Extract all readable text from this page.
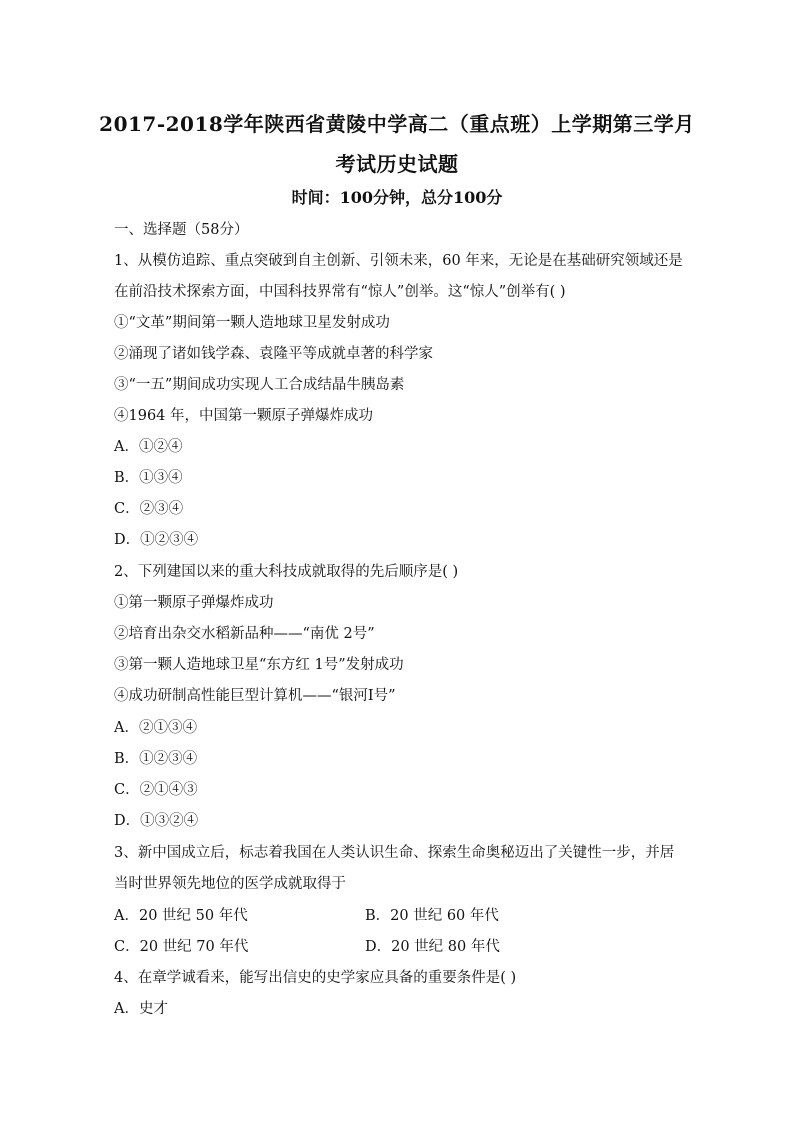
2017-2018学年陕西省黄陵中学高二（重点班）上学期第三学月
考试历史试题
时间：100分钟，总分100分
一、选择题（58分）
1、从模仿追踪、重点突破到自主创新、引领未来，60 年来，无论是在基础研究领域还是
在前沿技术探索方面，中国科技界常有“惊人”创举。这“惊人”创举有( )
①“文革”期间第一颗人造地球卫星发射成功
②涌现了诸如钱学森、袁隆平等成就卓著的科学家
③“一五”期间成功实现人工合成结晶牛胰岛素
④1964 年，中国第一颗原子弹爆炸成功
A．①②④
B．①③④
C．②③④
D．①②③④
2、下列建国以来的重大科技成就取得的先后顺序是( )
①第一颗原子弹爆炸成功
②培育出杂交水稻新品种——“南优 2号”
③第一颗人造地球卫星“东方红 1号”发射成功
④成功研制高性能巨型计算机——“银河Ⅰ号”
A．②①③④
B．①②③④
C．②①④③
D．①③②④
3、新中国成立后，标志着我国在人类认识生命、探索生命奥秘迈出了关键性一步，并居
当时世界领先地位的医学成就取得于
A．20 世纪 50 年代	B．20 世纪 60 年代
C．20 世纪 70 年代	D．20 世纪 80 年代
4、在章学诚看来，能写出信史的史学家应具备的重要条件是( )
A．史才
